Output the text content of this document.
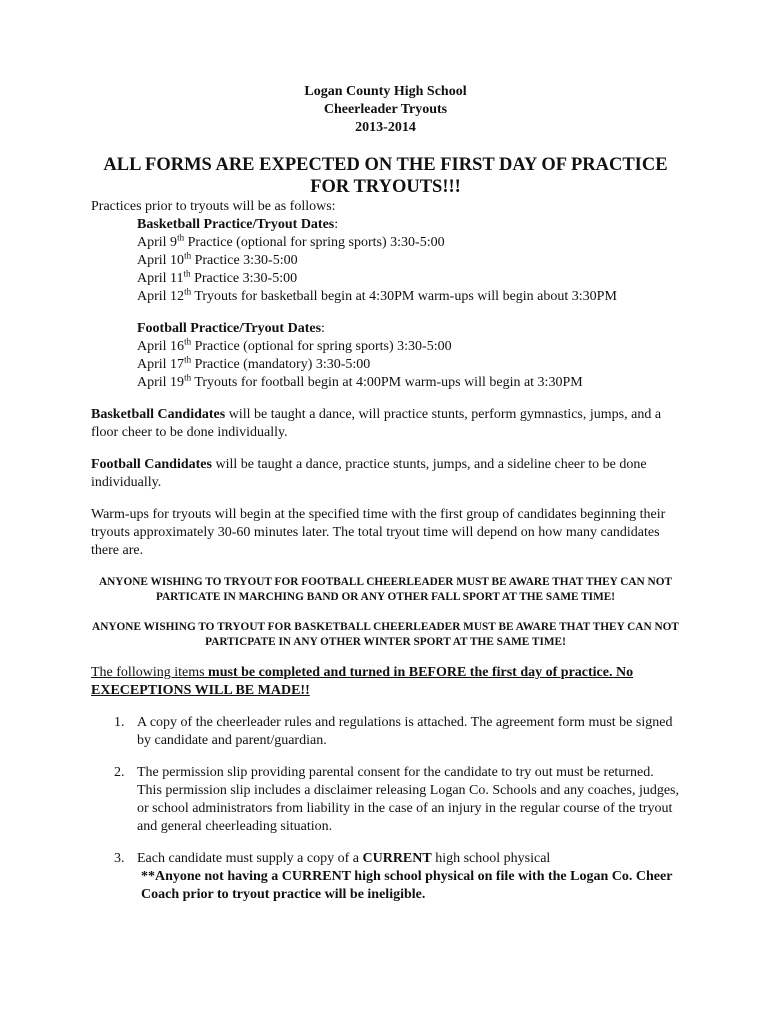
Logan County High School
Cheerleader Tryouts
2013-2014
ALL FORMS ARE EXPECTED ON THE FIRST DAY OF PRACTICE FOR TRYOUTS!!!
Practices prior to tryouts will be as follows:
Basketball Practice/Tryout Dates:
April 9th Practice (optional for spring sports) 3:30-5:00
April 10th Practice 3:30-5:00
April 11th Practice 3:30-5:00
April 12th Tryouts for basketball begin at 4:30PM warm-ups will begin about 3:30PM
Football Practice/Tryout Dates:
April 16th Practice (optional for spring sports) 3:30-5:00
April 17th Practice (mandatory) 3:30-5:00
April 19th Tryouts for football begin at 4:00PM warm-ups will begin at 3:30PM
Basketball Candidates will be taught a dance, will practice stunts, perform gymnastics, jumps, and a floor cheer to be done individually.
Football Candidates will be taught a dance, practice stunts, jumps, and a sideline cheer to be done individually.
Warm-ups for tryouts will begin at the specified time with the first group of candidates beginning their tryouts approximately 30-60 minutes later. The total tryout time will depend on how many candidates there are.
ANYONE WISHING TO TRYOUT FOR FOOTBALL CHEERLEADER MUST BE AWARE THAT THEY CAN NOT PARTICATE IN MARCHING BAND OR ANY OTHER FALL SPORT AT THE SAME TIME!
ANYONE WISHING TO TRYOUT FOR BASKETBALL CHEERLEADER MUST BE AWARE THAT THEY CAN NOT PARTICPATE IN ANY OTHER WINTER SPORT AT THE SAME TIME!
The following items must be completed and turned in BEFORE the first day of practice. No EXECEPTIONS WILL BE MADE!!
1. A copy of the cheerleader rules and regulations is attached. The agreement form must be signed by candidate and parent/guardian.
2. The permission slip providing parental consent for the candidate to try out must be returned. This permission slip includes a disclaimer releasing Logan Co. Schools and any coaches, judges, or school administrators from liability in the case of an injury in the regular course of the tryout and general cheerleading situation.
3. Each candidate must supply a copy of a CURRENT high school physical
**Anyone not having a CURRENT high school physical on file with the Logan Co. Cheer Coach prior to tryout practice will be ineligible.
